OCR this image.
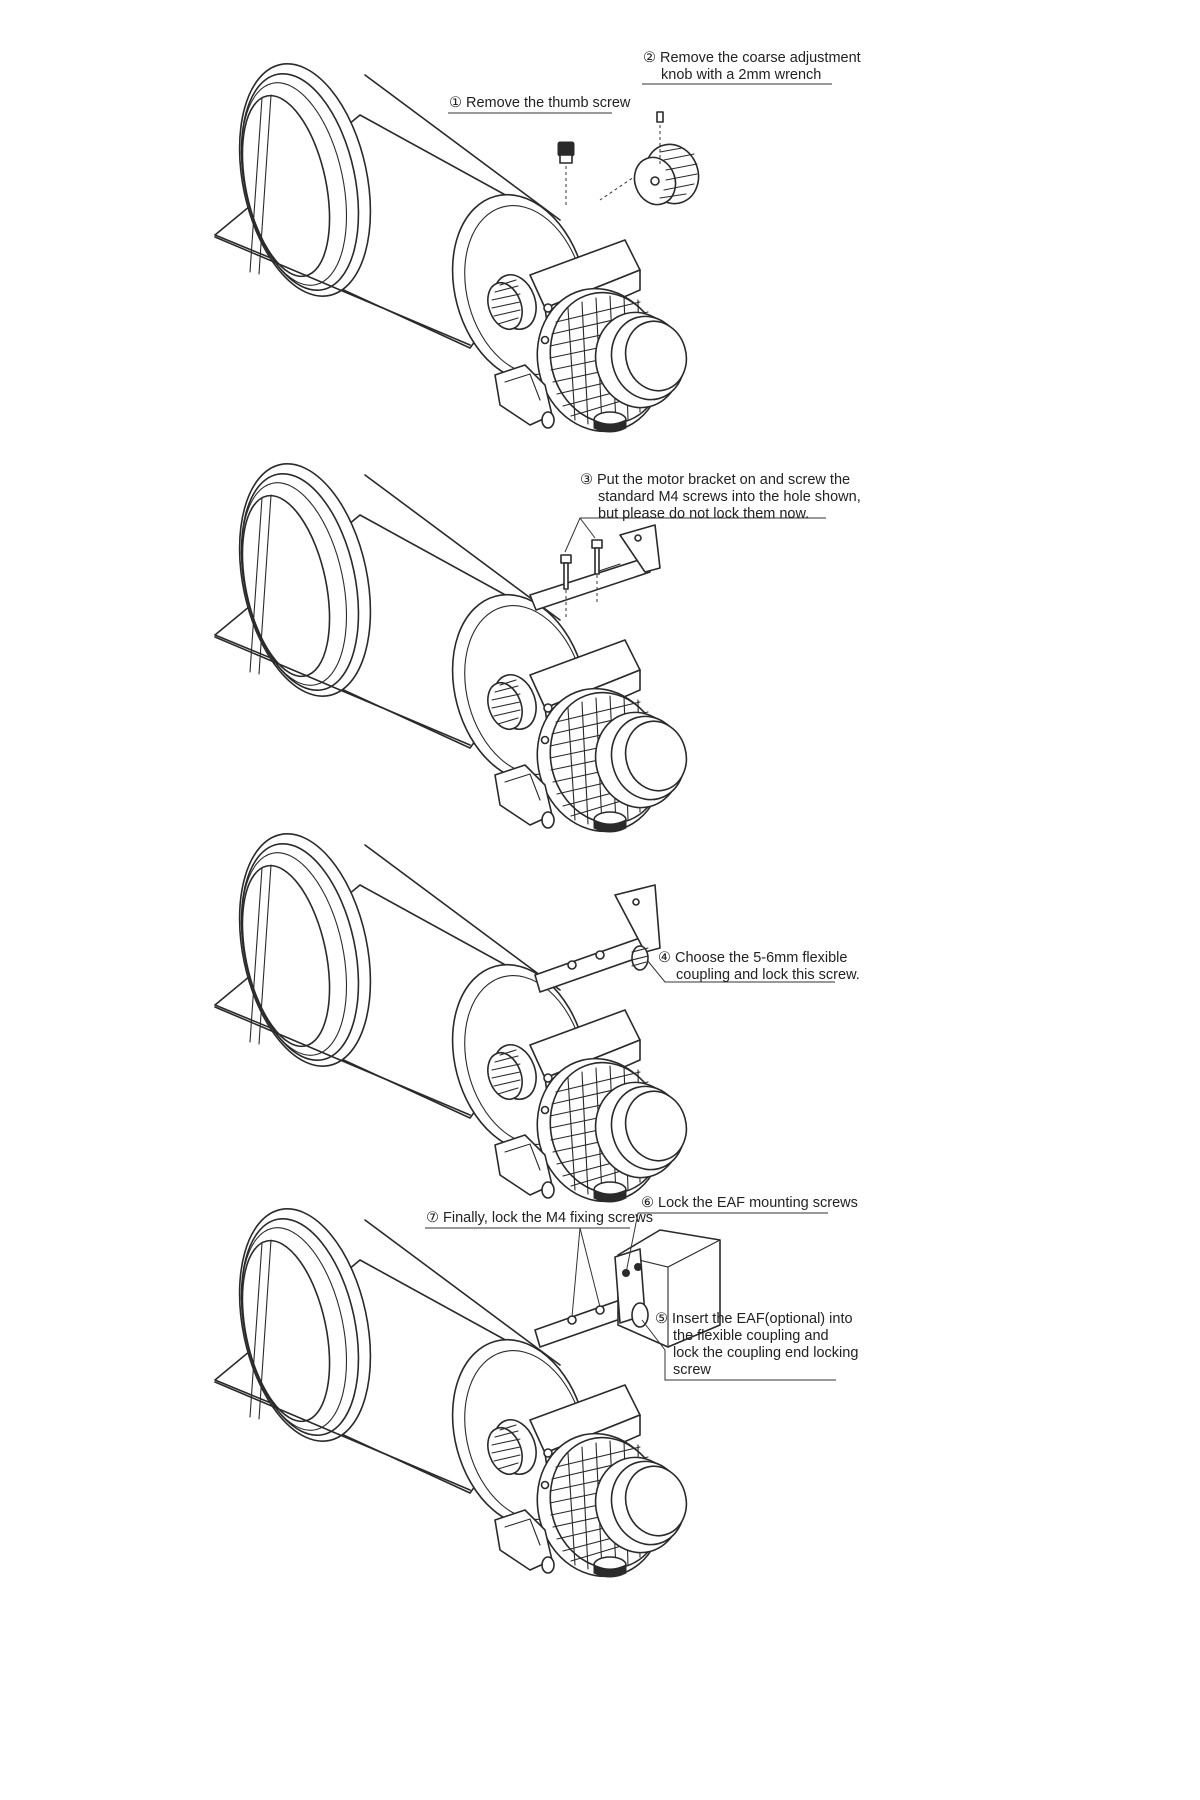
① Remove the thumb screw
② Remove the coarse adjustment
knob with a 2mm wrench
③ Put the motor bracket on and screw the
standard M4 screws into the hole shown,
but please do not lock them now.
④ Choose the 5-6mm flexible
coupling and lock this screw.
⑦ Finally, lock the M4 fixing screws
⑥ Lock the EAF mounting screws
⑤ Insert the EAF(optional) into
the flexible coupling and
lock the coupling end locking
screw
